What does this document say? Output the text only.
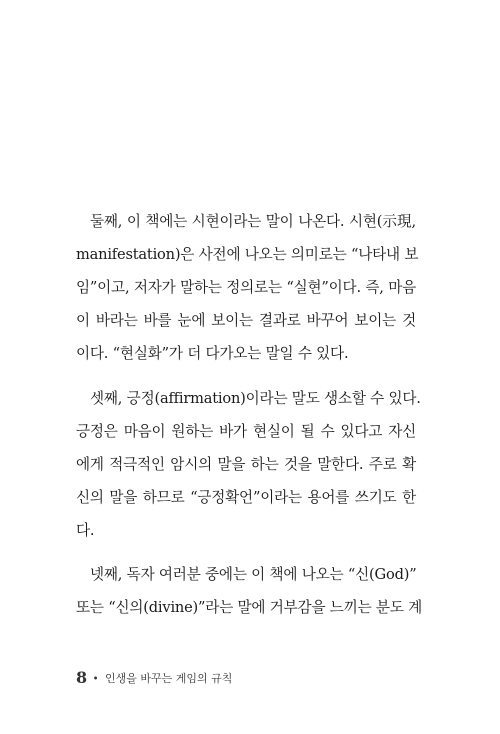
둘째, 이 책에는 시현이라는 말이 나온다. 시현(示現,
manifestation)은 사전에 나오는 의미로는 “나타내 보
임”이고, 저자가 말하는 정의로는 “실현”이다. 즉, 마음
이 바라는 바를 눈에 보이는 결과로 바꾸어 보이는 것
이다. “현실화”가 더 다가오는 말일 수 있다.
셋째, 긍정(affirmation)이라는 말도 생소할 수 있다.
긍정은 마음이 원하는 바가 현실이 될 수 있다고 자신
에게 적극적인 암시의 말을 하는 것을 말한다. 주로 확
신의 말을 하므로 “긍정확언”이라는 용어를 쓰기도 한
다.
넷째, 독자 여러분 중에는 이 책에 나오는 “신(God)”
또는 “신의(divine)”라는 말에 거부감을 느끼는 분도 계
8 • 인생을 바꾸는 게임의 규칙
